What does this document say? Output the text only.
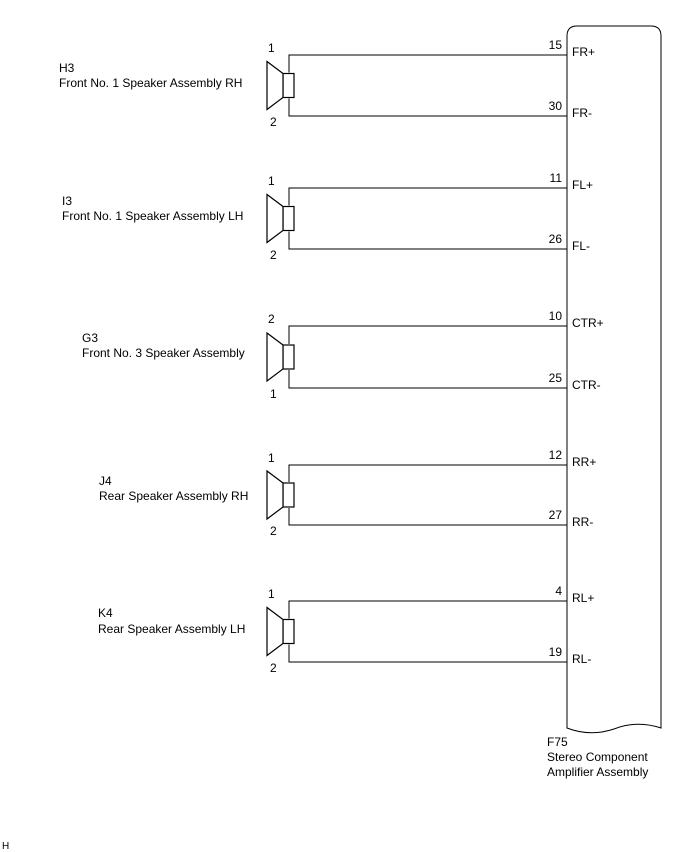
1
2
15
30
FR+
FR-
H3
Front No. 1 Speaker Assembly RH
1
2
11
26
FL+
FL-
I3
Front No. 1 Speaker Assembly LH
2
1
10
25
CTR+
CTR-
G3
Front No. 3 Speaker Assembly
1
2
12
27
RR+
RR-
J4
Rear Speaker Assembly RH
1
2
4
19
RL+
RL-
K4
Rear Speaker Assembly LH
F75
Stereo Component
Amplifier Assembly
H
